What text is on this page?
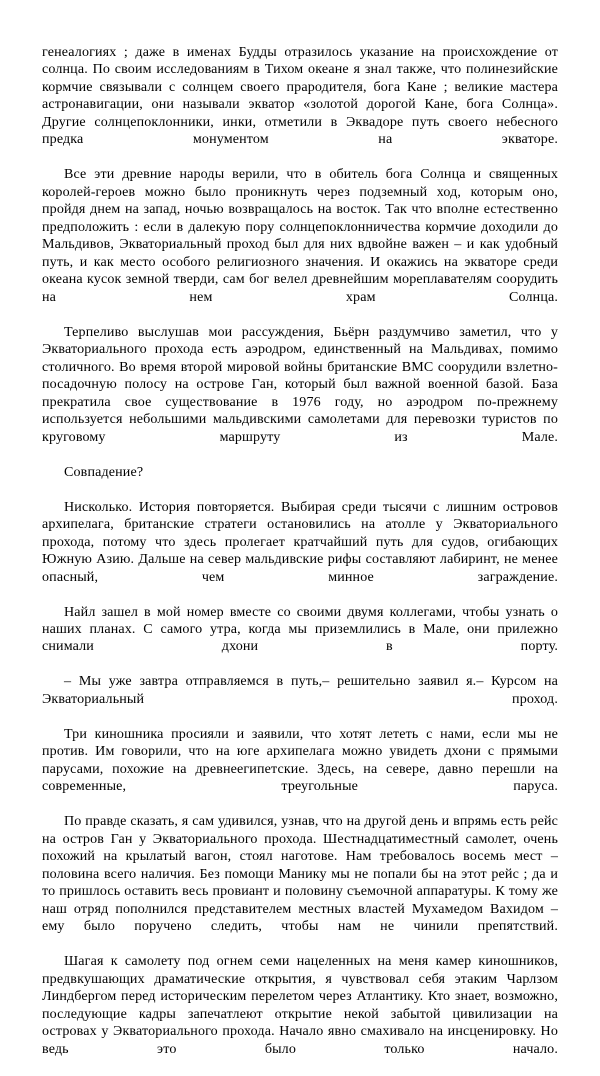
генеалогиях ; даже в именах Будды отразилось указание на происхождение от солнца. По своим исследованиям в Тихом океане я знал также, что полинезийские кормчие связывали с солнцем своего прародителя, бога Кане ; великие мастера астронавигации, они называли экватор «золотой дорогой Кане, бога Солнца». Другие солнцепоклонники, инки, отметили в Эквадоре путь своего небесного предка монументом на экваторе.

Все эти древние народы верили, что в обитель бога Солнца и священных королей-героев можно было проникнуть через подземный ход, которым оно, пройдя днем на запад, ночью возвращалось на восток. Так что вполне естественно предположить : если в далекую пору солнцепоклонничества кормчие доходили до Мальдивов, Экваториальный проход был для них вдвойне важен – и как удобный путь, и как место особого религиозного значения. И окажись на экваторе среди океана кусок земной тверди, сам бог велел древнейшим мореплавателям соорудить на нем храм Солнца.

Терпеливо выслушав мои рассуждения, Бьёрн раздумчиво заметил, что у Экваториального прохода есть аэродром, единственный на Мальдивах, помимо столичного. Во время второй мировой войны британские ВМС соорудили взлетно-посадочную полосу на острове Ган, который был важной военной базой. База прекратила свое существование в 1976 году, но аэродром по-прежнему используется небольшими мальдивскими самолетами для перевозки туристов по круговому маршруту из Мале.

Совпадение?

Нисколько. История повторяется. Выбирая среди тысячи с лишним островов архипелага, британские стратеги остановились на атолле у Экваториального прохода, потому что здесь пролегает кратчайший путь для судов, огибающих Южную Азию. Дальше на север мальдивские рифы составляют лабиринт, не менее опасный, чем минное заграждение.

Найл зашел в мой номер вместе со своими двумя коллегами, чтобы узнать о наших планах. С самого утра, когда мы приземлились в Мале, они прилежно снимали дхони в порту.

– Мы уже завтра отправляемся в путь,– решительно заявил я.– Курсом на Экваториальный проход.

Три киношника просияли и заявили, что хотят лететь с нами, если мы не против. Им говорили, что на юге архипелага можно увидеть дхони с прямыми парусами, похожие на древнеегипетские. Здесь, на севере, давно перешли на современные, треугольные паруса.

По правде сказать, я сам удивился, узнав, что на другой день и впрямь есть рейс на остров Ган у Экваториального прохода. Шестнадцатиместный самолет, очень похожий на крылатый вагон, стоял наготове. Нам требовалось восемь мест – половина всего наличия. Без помощи Манику мы не попали бы на этот рейс ; да и то пришлось оставить весь провиант и половину съемочной аппаратуры. К тому же наш отряд пополнился представителем местных властей Мухамедом Вахидом – ему было поручено следить, чтобы нам не чинили препятствий.

Шагая к самолету под огнем семи нацеленных на меня камер киношников, предвкушающих драматические открытия, я чувствовал себя этаким Чарлзом Линдбергом перед историческим перелетом через Атлантику. Кто знает, возможно, последующие кадры запечатлеют открытие некой забытой цивилизации на островах у Экваториального прохода. Начало явно смахивало на инсценировку. Но ведь это было только начало.
